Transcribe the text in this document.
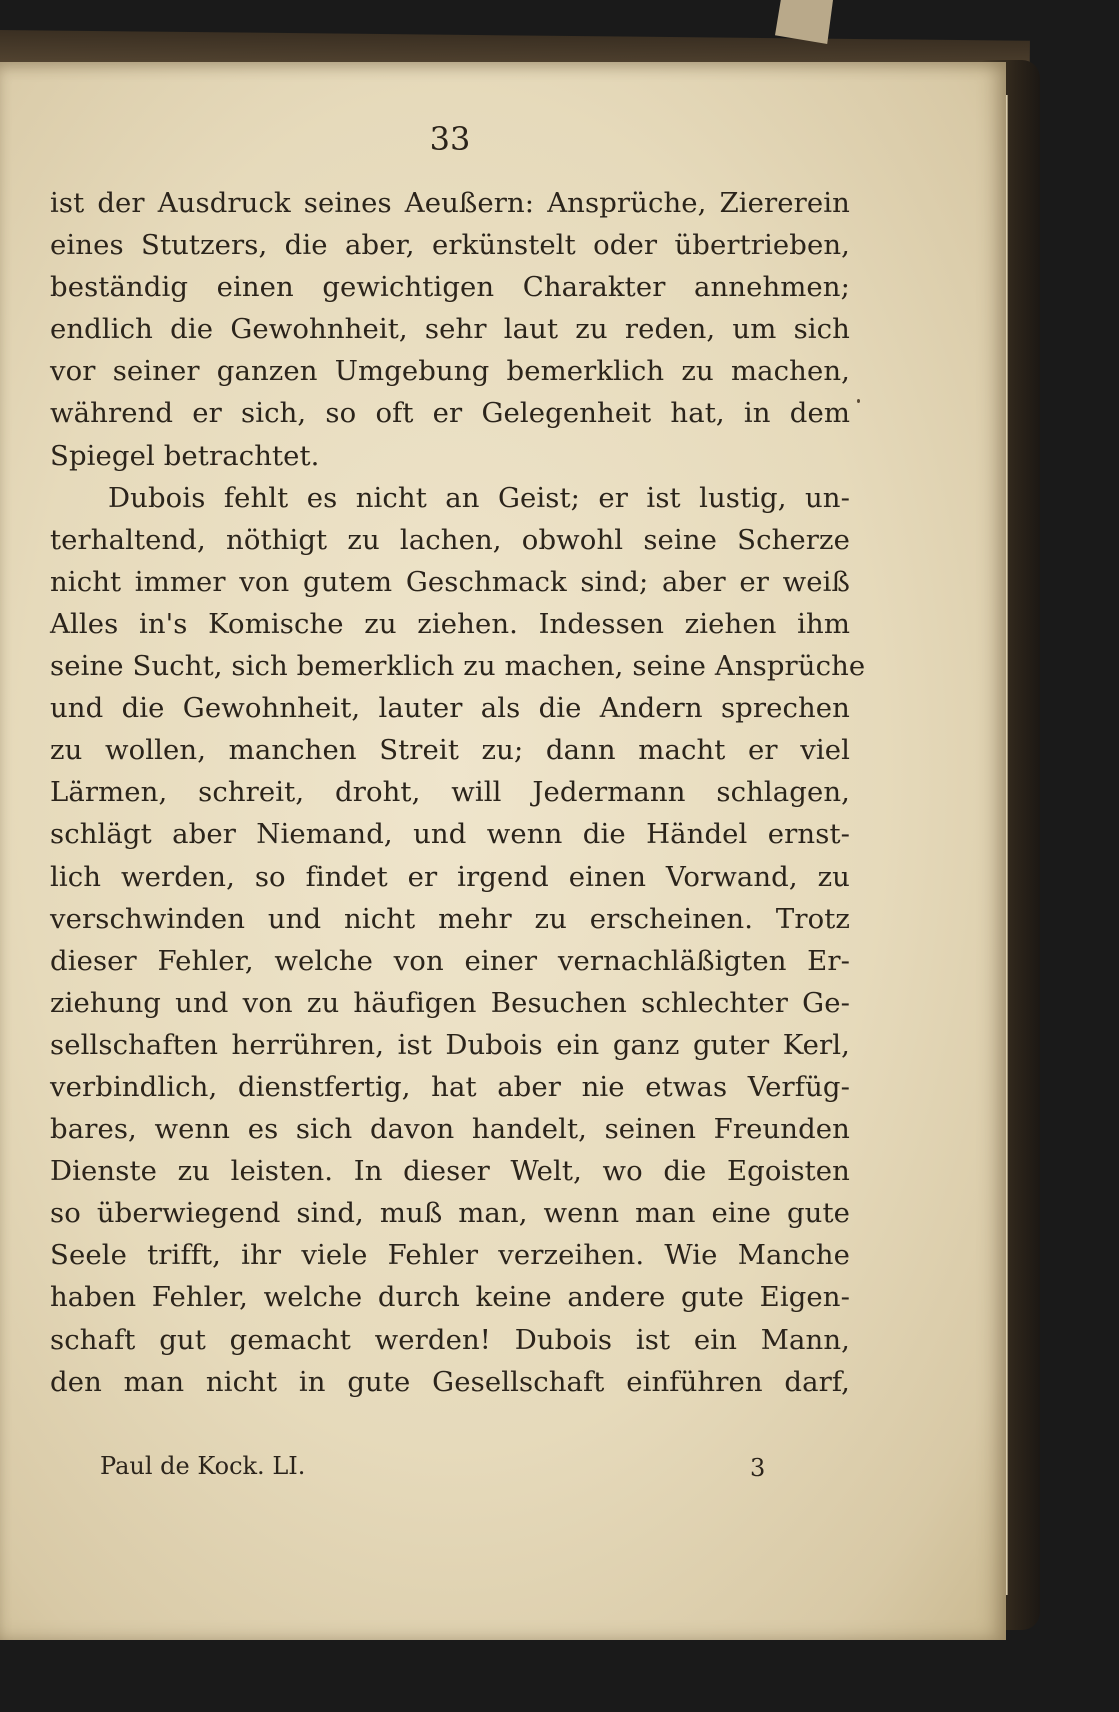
33
ist der Ausdruck seines Aeußern: Ansprüche, Ziererein
eines Stutzers, die aber, erkünstelt oder übertrieben,
beständig einen gewichtigen Charakter annehmen;
endlich die Gewohnheit, sehr laut zu reden, um sich
vor seiner ganzen Umgebung bemerklich zu machen,
während er sich, so oft er Gelegenheit hat, in dem
Spiegel betrachtet.
Dubois fehlt es nicht an Geist; er ist lustig, un-
terhaltend, nöthigt zu lachen, obwohl seine Scherze
nicht immer von gutem Geschmack sind; aber er weiß
Alles in's Komische zu ziehen. Indessen ziehen ihm
seine Sucht, sich bemerklich zu machen, seine Ansprüche
und die Gewohnheit, lauter als die Andern sprechen
zu wollen, manchen Streit zu; dann macht er viel
Lärmen, schreit, droht, will Jedermann schlagen,
schlägt aber Niemand, und wenn die Händel ernst-
lich werden, so findet er irgend einen Vorwand, zu
verschwinden und nicht mehr zu erscheinen. Trotz
dieser Fehler, welche von einer vernachläßigten Er-
ziehung und von zu häufigen Besuchen schlechter Ge-
sellschaften herrühren, ist Dubois ein ganz guter Kerl,
verbindlich, dienstfertig, hat aber nie etwas Verfüg-
bares, wenn es sich davon handelt, seinen Freunden
Dienste zu leisten. In dieser Welt, wo die Egoisten
so überwiegend sind, muß man, wenn man eine gute
Seele trifft, ihr viele Fehler verzeihen. Wie Manche
haben Fehler, welche durch keine andere gute Eigen-
schaft gut gemacht werden! Dubois ist ein Mann,
den man nicht in gute Gesellschaft einführen darf,
Paul de Kock. LI.	3
